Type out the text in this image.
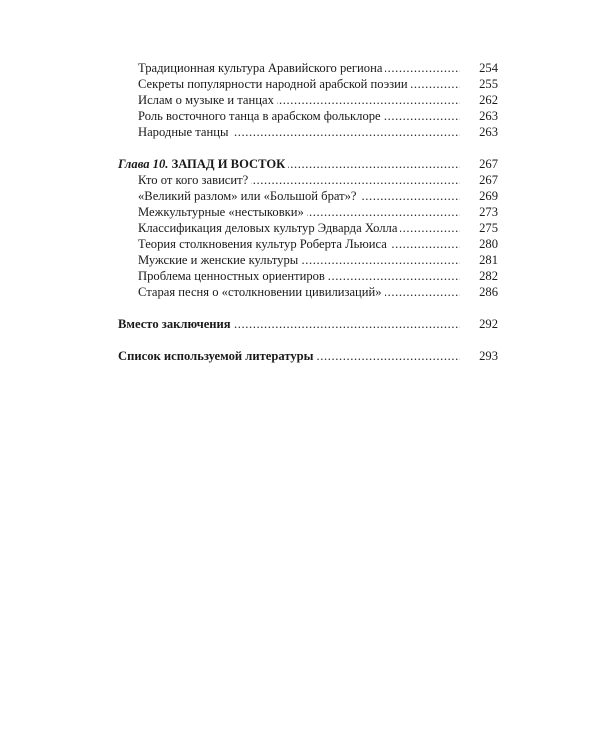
.....
Традиционная культура Аравийского региона	254
.....
Секреты популярности народной арабской поэзии	255
.....
Ислам о музыке и танцах	262
.....
Роль восточного танца в арабском фольклоре	263
.....
Народные танцы	263
.....
Глава 10. ЗАПАД И ВОСТОК	267
.....
Кто от кого зависит?	267
.....
«Великий разлом» или «Большой брат»?	269
.....
Межкультурные «нестыковки»	273
.....
Классификация деловых культур Эдварда Холла	275
.....
Теория столкновения культур Роберта Льюиса	280
.....
Мужские и женские культуры	281
.....
Проблема ценностных ориентиров	282
.....
Старая песня о «столкновении цивилизаций»	286
.....
Вместо заключения	292
.....
Список используемой литературы	293
